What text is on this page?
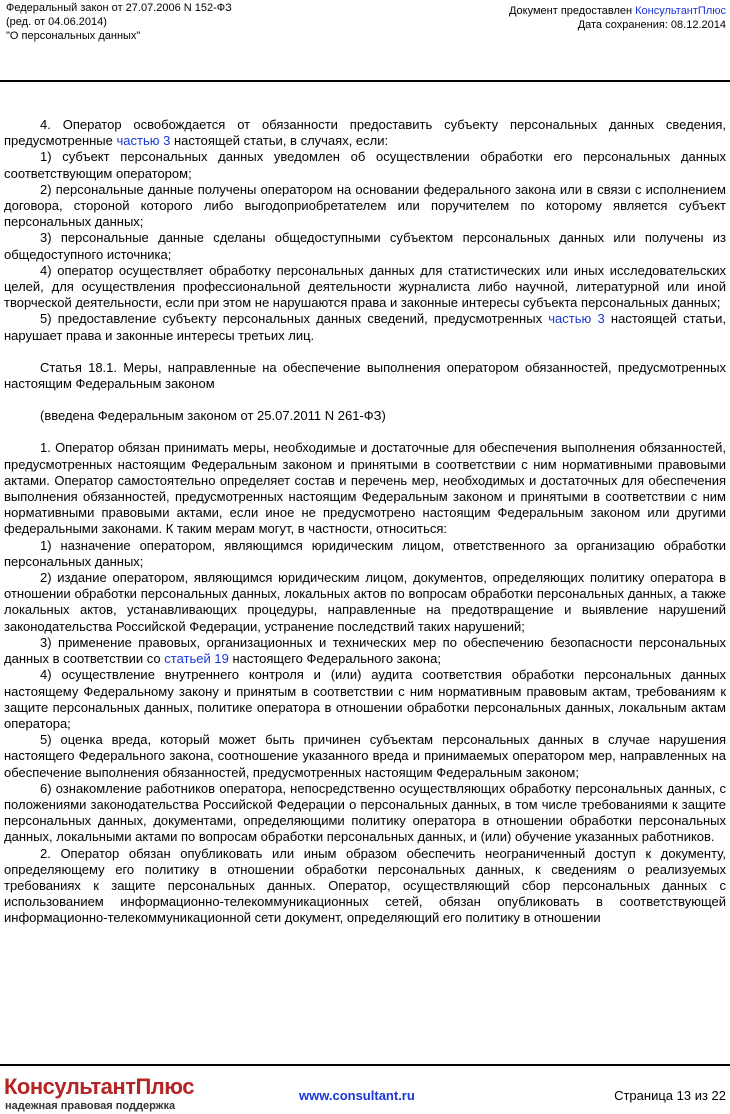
Федеральный закон от 27.07.2006 N 152-ФЗ
(ред. от 04.06.2014)
"О персональных данных"
Документ предоставлен КонсультантПлюс
Дата сохранения: 08.12.2014

4. Оператор освобождается от обязанности предоставить субъекту персональных данных сведения, предусмотренные частью 3 настоящей статьи, в случаях, если:

1) субъект персональных данных уведомлен об осуществлении обработки его персональных данных соответствующим оператором;

2) персональные данные получены оператором на основании федерального закона или в связи с исполнением договора, стороной которого либо выгодоприобретателем или поручителем по которому является субъект персональных данных;

3) персональные данные сделаны общедоступными субъектом персональных данных или получены из общедоступного источника;

4) оператор осуществляет обработку персональных данных для статистических или иных исследовательских целей, для осуществления профессиональной деятельности журналиста либо научной, литературной или иной творческой деятельности, если при этом не нарушаются права и законные интересы субъекта персональных данных;

5) предоставление субъекту персональных данных сведений, предусмотренных частью 3 настоящей статьи, нарушает права и законные интересы третьих лиц.

Статья 18.1. Меры, направленные на обеспечение выполнения оператором обязанностей, предусмотренных настоящим Федеральным законом

(введена Федеральным законом от 25.07.2011 N 261-ФЗ)

1. Оператор обязан принимать меры, необходимые и достаточные для обеспечения выполнения обязанностей, предусмотренных настоящим Федеральным законом и принятыми в соответствии с ним нормативными правовыми актами. Оператор самостоятельно определяет состав и перечень мер, необходимых и достаточных для обеспечения выполнения обязанностей, предусмотренных настоящим Федеральным законом и принятыми в соответствии с ним нормативными правовыми актами, если иное не предусмотрено настоящим Федеральным законом или другими федеральными законами. К таким мерам могут, в частности, относиться:

1) назначение оператором, являющимся юридическим лицом, ответственного за организацию обработки персональных данных;

2) издание оператором, являющимся юридическим лицом, документов, определяющих политику оператора в отношении обработки персональных данных, локальных актов по вопросам обработки персональных данных, а также локальных актов, устанавливающих процедуры, направленные на предотвращение и выявление нарушений законодательства Российской Федерации, устранение последствий таких нарушений;

3) применение правовых, организационных и технических мер по обеспечению безопасности персональных данных в соответствии со статьей 19 настоящего Федерального закона;

4) осуществление внутреннего контроля и (или) аудита соответствия обработки персональных данных настоящему Федеральному закону и принятым в соответствии с ним нормативным правовым актам, требованиям к защите персональных данных, политике оператора в отношении обработки персональных данных, локальным актам оператора;

5) оценка вреда, который может быть причинен субъектам персональных данных в случае нарушения настоящего Федерального закона, соотношение указанного вреда и принимаемых оператором мер, направленных на обеспечение выполнения обязанностей, предусмотренных настоящим Федеральным законом;

6) ознакомление работников оператора, непосредственно осуществляющих обработку персональных данных, с положениями законодательства Российской Федерации о персональных данных, в том числе требованиями к защите персональных данных, документами, определяющими политику оператора в отношении обработки персональных данных, локальными актами по вопросам обработки персональных данных, и (или) обучение указанных работников.

2. Оператор обязан опубликовать или иным образом обеспечить неограниченный доступ к документу, определяющему его политику в отношении обработки персональных данных, к сведениям о реализуемых требованиях к защите персональных данных. Оператор, осуществляющий сбор персональных данных с использованием информационно-телекоммуникационных сетей, обязан опубликовать в соответствующей информационно-телекоммуникационной сети документ, определяющий его политику в отношении

КонсультантПлюс
надежная правовая поддержка
www.consultant.ru	Страница 13 из 22
